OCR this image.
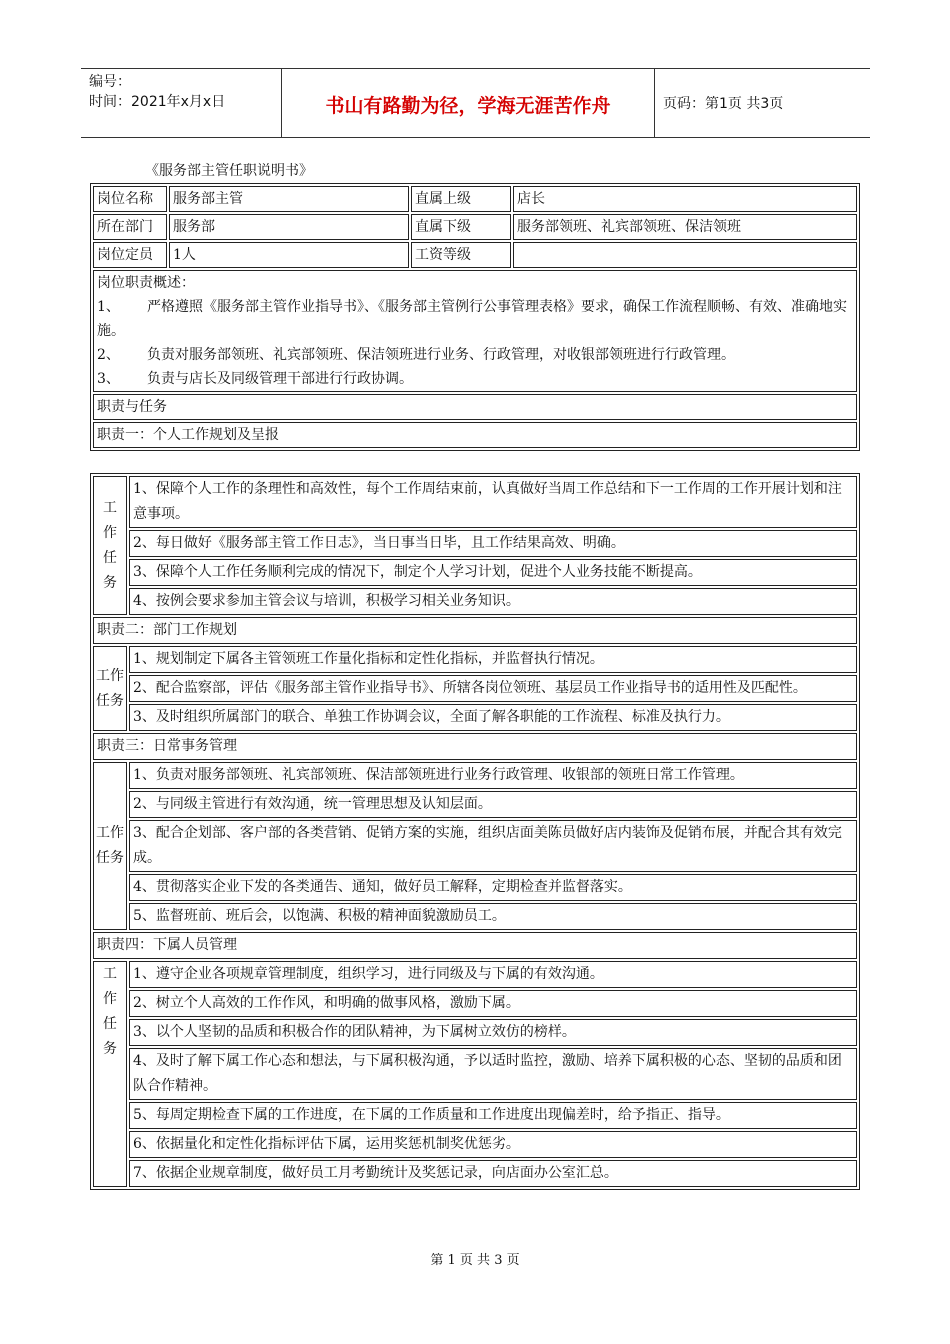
编号：
时间：2021年x月x日	书山有路勤为径，学海无涯苦作舟	页码：第1页 共3页
《服务部主管任职说明书》
岗位名称	服务部主管	直属上级	店长
所在部门	服务部	直属下级	服务部领班、礼宾部领班、保洁领班
岗位定员	1人	工资等级	

岗位职责概述：
1、 严格遵照《服务部主管作业指导书》、《服务部主管例行公事管理表格》要求，确保工作流程顺畅、有效、准确地实施。
2、 负责对服务部领班、礼宾部领班、保洁领班进行业务、行政管理，对收银部领班进行行政管理。
3、 负责与店长及同级管理干部进行行政协调。			

职责与任务			
职责一：个人工作规划及呈报			
工作任务	1、保障个人工作的条理性和高效性，每个工作周结束前，认真做好当周工作总结和下一工作周的工作开展计划和注意事项。
	2、每日做好《服务部主管工作日志》，当日事当日毕，且工作结果高效、明确。
	3、保障个人工作任务顺利完成的情况下，制定个人学习计划，促进个人业务技能不断提高。
	4、按例会要求参加主管会议与培训，积极学习相关业务知识。
职责二：部门工作规划	
工作任务	1、规划制定下属各主管领班工作量化指标和定性化指标，并监督执行情况。
	2、配合监察部，评估《服务部主管作业指导书》、所辖各岗位领班、基层员工作业指导书的适用性及匹配性。
	3、及时组织所属部门的联合、单独工作协调会议，全面了解各职能的工作流程、标准及执行力。
职责三：日常事务管理	
工作任务	1、负责对服务部领班、礼宾部领班、保洁部领班进行业务行政管理、收银部的领班日常工作管理。
	2、与同级主管进行有效沟通，统一管理思想及认知层面。
	3、配合企划部、客户部的各类营销、促销方案的实施，组织店面美陈员做好店内装饰及促销布展，并配合其有效完成。
	4、贯彻落实企业下发的各类通告、通知，做好员工解释，定期检查并监督落实。
	5、监督班前、班后会，以饱满、积极的精神面貌激励员工。
职责四：下属人员管理	
工作任务	1、遵守企业各项规章管理制度，组织学习，进行同级及与下属的有效沟通。
	2、树立个人高效的工作作风，和明确的做事风格，激励下属。
	3、以个人坚韧的品质和积极合作的团队精神，为下属树立效仿的榜样。
	4、及时了解下属工作心态和想法，与下属积极沟通，予以适时监控，激励、培养下属积极的心态、坚韧的品质和团队合作精神。
	5、每周定期检查下属的工作进度，在下属的工作质量和工作进度出现偏差时，给予指正、指导。
	6、依据量化和定性化指标评估下属，运用奖惩机制奖优惩劣。
	7、依据企业规章制度，做好员工月考勤统计及奖惩记录，向店面办公室汇总。
第 1 页 共 3 页
